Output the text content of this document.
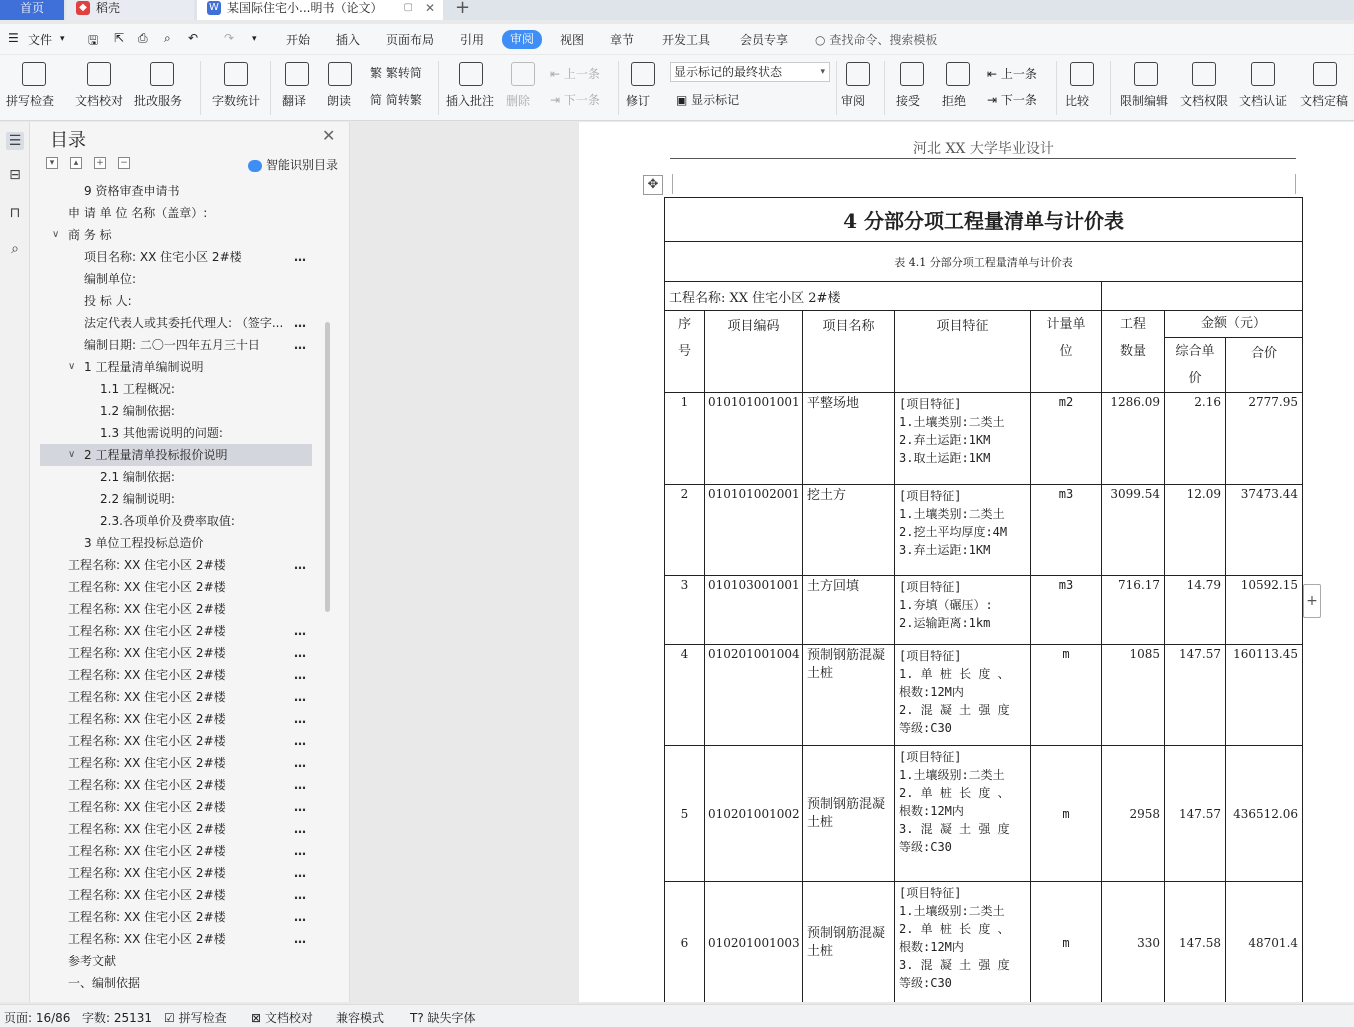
首页	◆ 稻壳	W 某国际住宅小...明书（论文） ▢ ✕ +
☰ 文件 ▾ 🖫 ⇱ ⎙ ⌕ ↶ ↷ ▾ 开始 插入 页面布局 引用	审阅	视图 章节 开发工具 会员专享 ○ 查找命令、搜索模板
拼写检查 文档校对 批改服务 字数统计 翻译 朗读
繁 繁转简
简 简转繁 插入批注 删除
⇤ 上一条
⇥ 下一条 修订
显示标记的最终状态	▾
▣ 显示标记	审阅	接受 拒绝
⇤ 上一条
⇥ 下一条 比较	限制编辑 文档权限 文档认证 文档定稿
☰
⊟
⊓
⌕
目录	✕
▾	▴	+ −	智能识别目录
9 资格审查申请书
申 请 单 位 名称（盖章）:
∨ 商 务 标
项目名称: XX 住宅小区 2#楼	…
编制单位:
投 标 人:
法定代表人或其委托代理人: （签字... …
编制日期: 二〇一四年五月三十日	…
∨ 1 工程量清单编制说明
1.1 工程概况:
1.2 编制依据:
1.3 其他需说明的问题:
∨ 2 工程量清单投标报价说明
2.1 编制依据:
2.2 编制说明:
2.3.各项单价及费率取值:
3 单位工程投标总造价
工程名称: XX 住宅小区 2#楼	…
工程名称: XX 住宅小区 2#楼
工程名称: XX 住宅小区 2#楼
工程名称: XX 住宅小区 2#楼	…
工程名称: XX 住宅小区 2#楼	…
工程名称: XX 住宅小区 2#楼	…
工程名称: XX 住宅小区 2#楼	…
工程名称: XX 住宅小区 2#楼	…
工程名称: XX 住宅小区 2#楼	…
工程名称: XX 住宅小区 2#楼	…
工程名称: XX 住宅小区 2#楼	…
工程名称: XX 住宅小区 2#楼	…
工程名称: XX 住宅小区 2#楼	…
工程名称: XX 住宅小区 2#楼	…
工程名称: XX 住宅小区 2#楼	…
工程名称: XX 住宅小区 2#楼	…
工程名称: XX 住宅小区 2#楼	…
工程名称: XX 住宅小区 2#楼	…
参考文献
一、编制依据
河北 XX 大学毕业设计
✥
4 分部分项工程量清单与计价表							
表 4.1 分部分项工程量清单与计价表							
工程名称: XX 住宅小区 2#楼							
序号	项目编码	项目名称	项目特征	计量单位	工程数量	金额（元）	
						综合单价	合价
1	010101001001	平整场地	[项目特征]
1.土壤类别:二类土
2.弃土运距:1KM
3.取土运距:1KM	m2	1286.09	2.16	2777.95
2	010101002001	挖土方	[项目特征]
1.土壤类别:二类土
2.挖土平均厚度:4M
3.弃土运距:1KM	m3	3099.54	12.09	37473.44
3	010103001001	土方回填	[项目特征]
1.夯填（碾压）:
2.运输距离:1km	m3	716.17	14.79	10592.15
4	010201001004	预制钢筋混凝土桩	[项目特征]
1. 单 桩 长 度 、 根数:12M内
2. 混 凝 土 强 度 等级:C30	m	1085	147.57	160113.45
5	010201001002	预制钢筋混凝土桩	[项目特征]
1.土壤级别:二类土
2. 单 桩 长 度 、 根数:12M内
3. 混 凝 土 强 度 等级:C30	m	2958	147.57	436512.06
6	010201001003	预制钢筋混凝土桩	[项目特征]
1.土壤级别:二类土
2. 单 桩 长 度 、 根数:12M内
3. 混 凝 土 强 度 等级:C30	m	330	147.58	48701.4
+
页面: 16/86 字数: 25131 ☑ 拼写检查 ⊠ 文档校对 兼容模式 T? 缺失字体
